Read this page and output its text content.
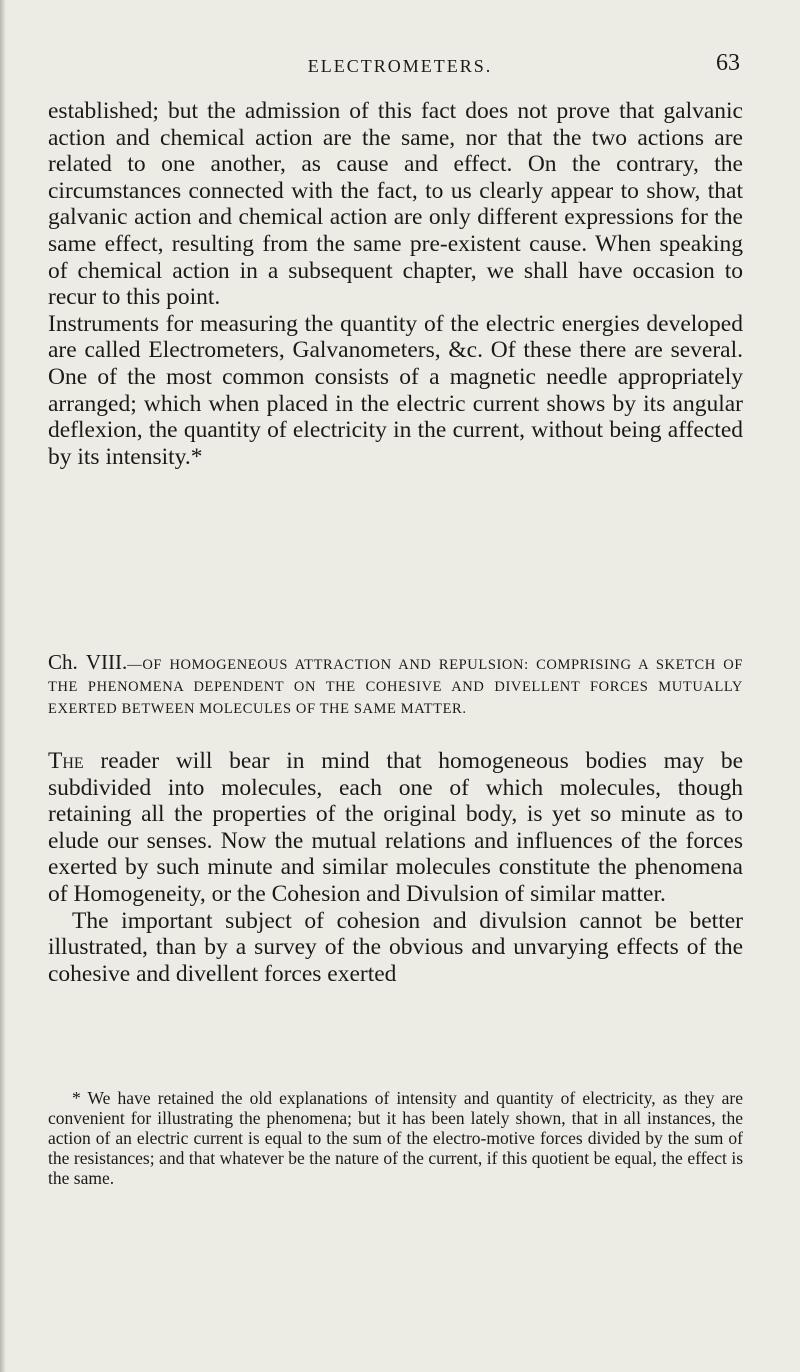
ELECTROMETERS.	63

established; but the admission of this fact does not prove that galvanic action and chemical action are the same, nor that the two actions are related to one another, as cause and effect. On the contrary, the circumstances connected with the fact, to us clearly appear to show, that galvanic action and chemical action are only different expressions for the same effect, resulting from the same pre-existent cause. When speaking of chemical action in a subsequent chapter, we shall have occasion to recur to this point.

Instruments for measuring the quantity of the electric energies developed are called Electrometers, Galvanometers, &c. Of these there are several. One of the most common consists of a magnetic needle appropriately arranged; which when placed in the electric current shows by its angular deflexion, the quantity of electricity in the current, without being affected by its intensity.*

Ch. VIII.—OF HOMOGENEOUS ATTRACTION AND REPULSION: COMPRISING A SKETCH OF THE PHENOMENA DEPENDENT ON THE COHESIVE AND DIVELLENT FORCES MUTUALLY EXERTED BETWEEN MOLECULES OF THE SAME MATTER.

The reader will bear in mind that homogeneous bodies may be subdivided into molecules, each one of which molecules, though retaining all the properties of the original body, is yet so minute as to elude our senses. Now the mutual relations and influences of the forces exerted by such minute and similar molecules constitute the phenomena of Homogeneity, or the Cohesion and Divulsion of similar matter.

The important subject of cohesion and divulsion cannot be better illustrated, than by a survey of the obvious and unvarying effects of the cohesive and divellent forces exerted

* We have retained the old explanations of intensity and quantity of electricity, as they are convenient for illustrating the phenomena; but it has been lately shown, that in all instances, the action of an electric current is equal to the sum of the electro-motive forces divided by the sum of the resistances; and that whatever be the nature of the current, if this quotient be equal, the effect is the same.
